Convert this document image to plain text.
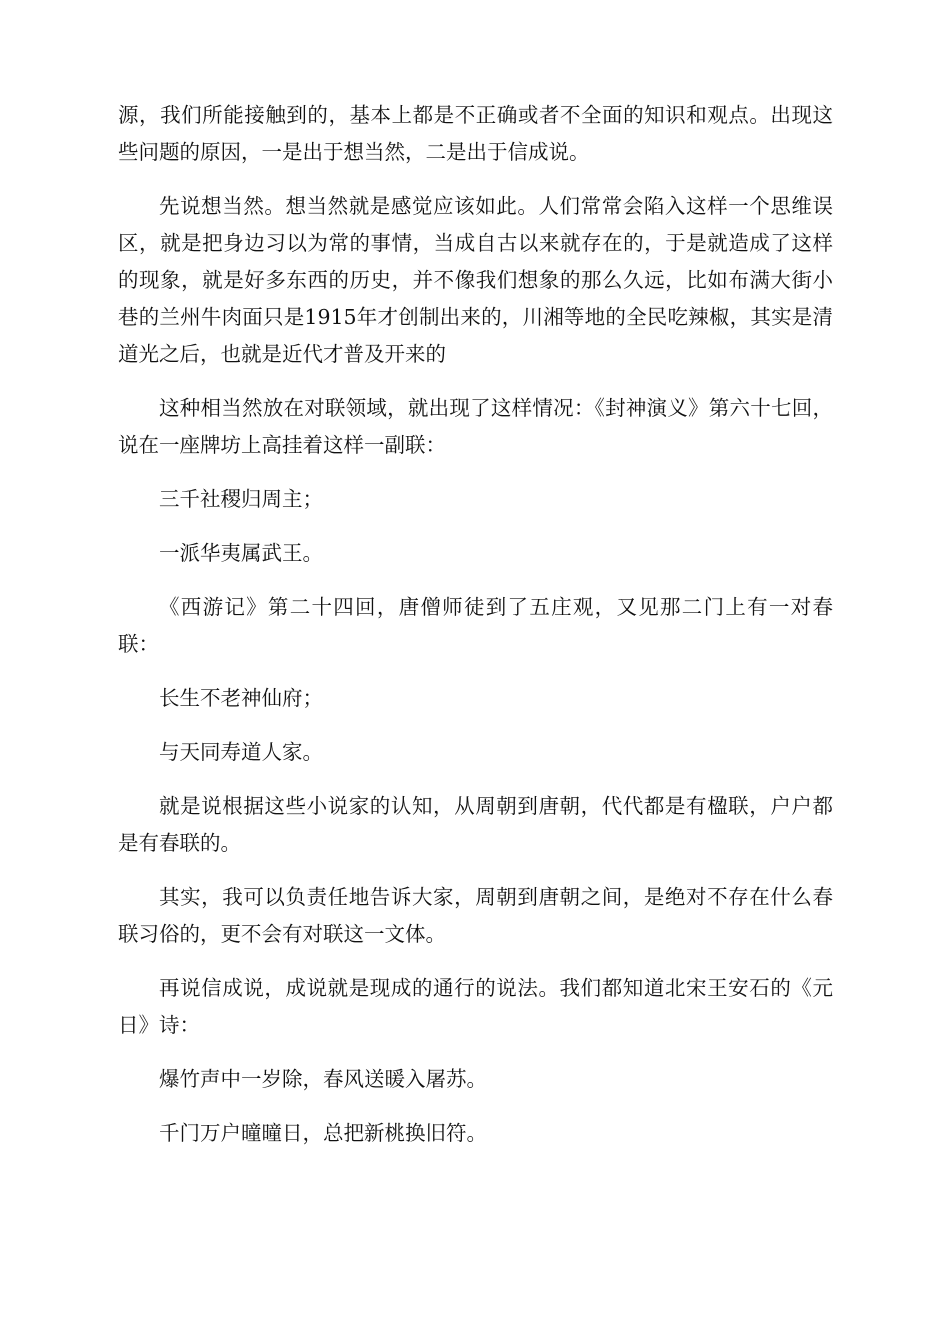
源，我们所能接触到的，基本上都是不正确或者不全面的知识和观点。出现这些问题的原因，一是出于想当然，二是出于信成说。

先说想当然。想当然就是感觉应该如此。人们常常会陷入这样一个思维误区，就是把身边习以为常的事情，当成自古以来就存在的，于是就造成了这样的现象，就是好多东西的历史，并不像我们想象的那么久远，比如布满大街小巷的兰州牛肉面只是1915年才创制出来的，川湘等地的全民吃辣椒，其实是清道光之后，也就是近代才普及开来的

这种相当然放在对联领域，就出现了这样情况：《封神演义》第六十七回，说在一座牌坊上高挂着这样一副联：

三千社稷归周主；

一派华夷属武王。

《西游记》第二十四回，唐僧师徒到了五庄观，又见那二门上有一对春联：

长生不老神仙府；

与天同寿道人家。

就是说根据这些小说家的认知，从周朝到唐朝，代代都是有楹联，户户都是有春联的。

其实，我可以负责任地告诉大家，周朝到唐朝之间，是绝对不存在什么春联习俗的，更不会有对联这一文体。

再说信成说，成说就是现成的通行的说法。我们都知道北宋王安石的《元日》诗：

爆竹声中一岁除，春风送暖入屠苏。

千门万户曈曈日，总把新桃换旧符。
